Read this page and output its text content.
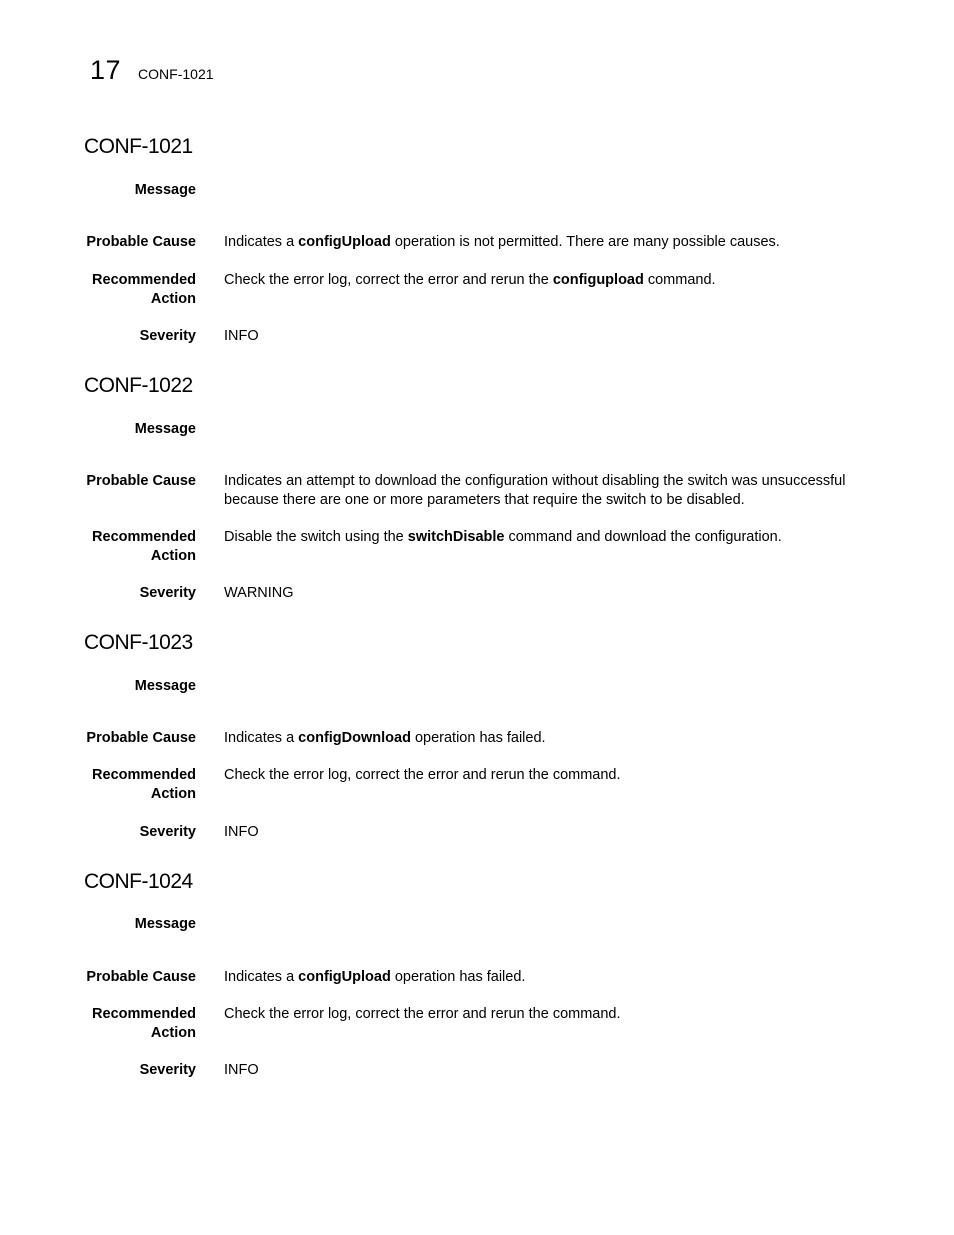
17 CONF-1021
CONF-1021
Message
Probable Cause Indicates a configUpload operation is not permitted. There are many possible causes.
Recommended
Action
Check the error log, correct the error and rerun the configupload command.
Severity INFO
CONF-1022
Message
Probable Cause Indicates an attempt to download the configuration without disabling the switch was unsuccessful
because there are one or more parameters that require the switch to be disabled.
Recommended
Action
Disable the switch using the switchDisable command and download the configuration.
Severity WARNING
CONF-1023
Message
Probable Cause Indicates a configDownload operation has failed.
Recommended
Action
Check the error log, correct the error and rerun the command.
Severity INFO
CONF-1024
Message
Probable Cause Indicates a configUpload operation has failed.
Recommended
Action
Check the error log, correct the error and rerun the command.
Severity INFO
